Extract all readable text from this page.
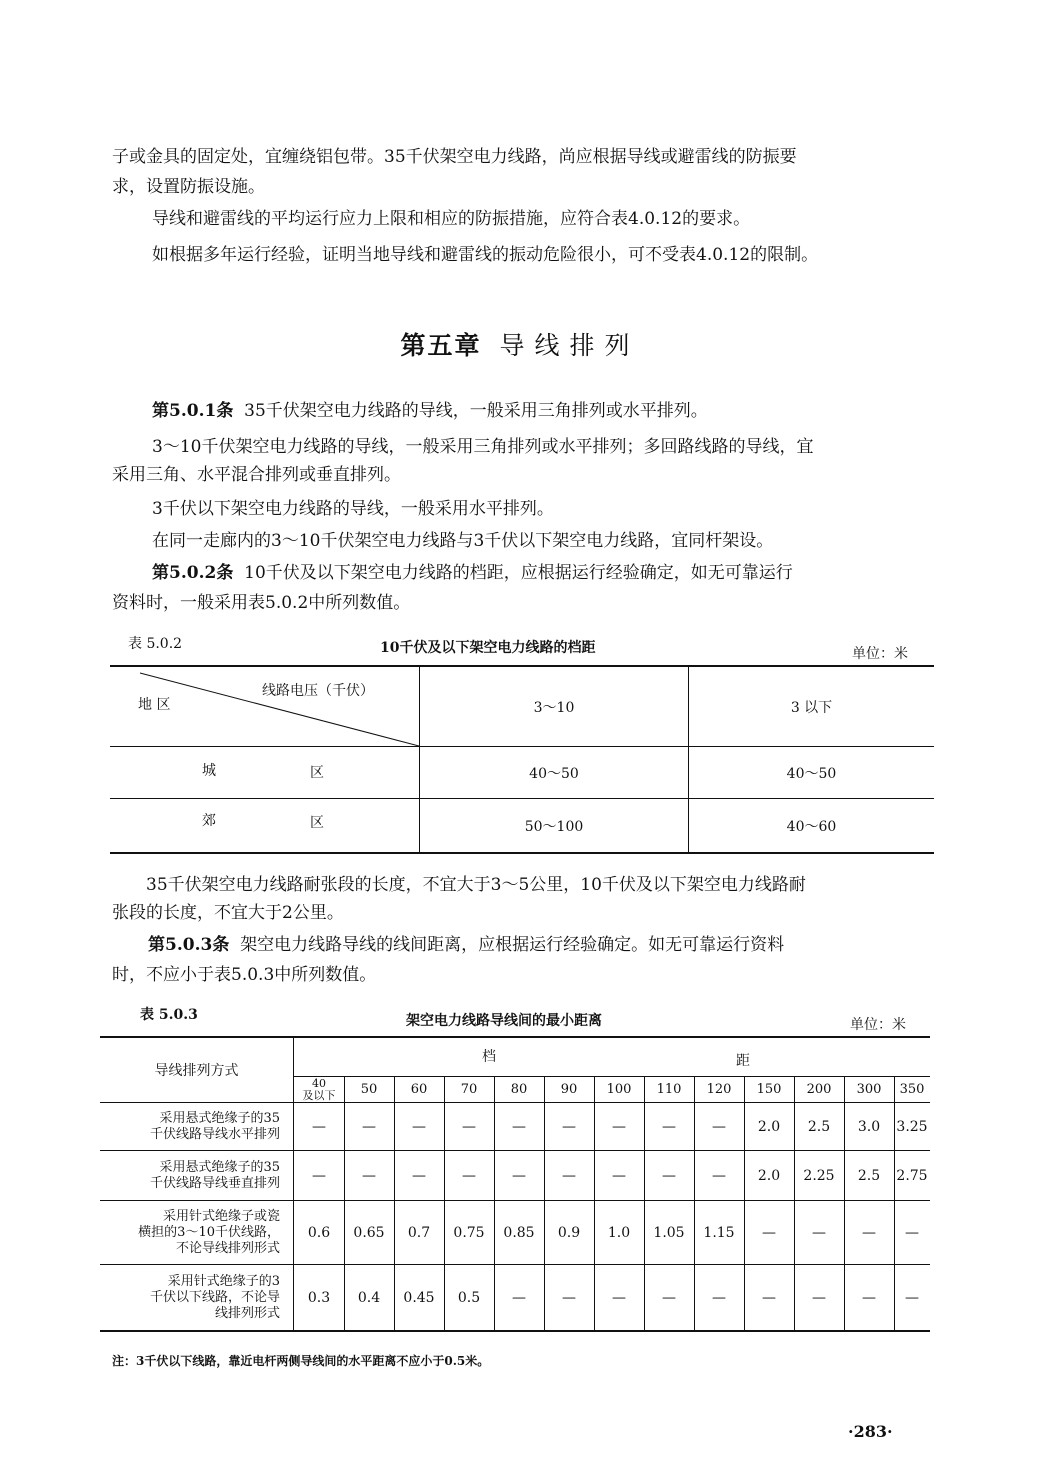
子或金具的固定处，宜缠绕铝包带。35千伏架空电力线路，尚应根据导线或避雷线的防振要
求，设置防振设施。
导线和避雷线的平均运行应力上限和相应的防振措施，应符合表4.0.12的要求。
如根据多年运行经验，证明当地导线和避雷线的振动危险很小，可不受表4.0.12的限制。
第五章 导线排列
第5.0.1条 35千伏架空电力线路的导线，一般采用三角排列或水平排列。
3～10千伏架空电力线路的导线，一般采用三角排列或水平排列；多回路线路的导线，宜
采用三角、水平混合排列或垂直排列。
3千伏以下架空电力线路的导线，一般采用水平排列。
在同一走廊内的3～10千伏架空电力线路与3千伏以下架空电力线路，宜同杆架设。
第5.0.2条 10千伏及以下架空电力线路的档距，应根据运行经验确定，如无可靠运行
资料时，一般采用表5.0.2中所列数值。
表 5.0.2	10千伏及以下架空电力线路的档距	单位：米
线路电压（千伏）
地 区	3～10	3 以下
城	区	40～50	40～50
郊	区	50～100	40～60
35千伏架空电力线路耐张段的长度，不宜大于3～5公里，10千伏及以下架空电力线路耐
张段的长度，不宜大于2公里。
第5.0.3条 架空电力线路导线的线间距离，应根据运行经验确定。如无可靠运行资料
时，不应小于表5.0.3中所列数值。
表 5.0.3	架空电力线路导线间的最小距离	单位：米
导线排列方式
档	距
40
及以下	50	60	70	80	90	100	110	120	150	200	300	350
采用悬式绝缘子的35
千伏线路导线水平排列	—	—	—	—	—	—	—	—	—	2.0	2.5	3.0	3.25
采用悬式绝缘子的35
千伏线路导线垂直排列	—	—	—	—	—	—	—	—	—	2.0	2.25	2.5	2.75
采用针式绝缘子或瓷
横担的3～10千伏线路，
不论导线排列形式
0.6	0.65	0.7	0.75	0.85	0.9	1.0	1.05	1.15	—	—	—	—
采用针式绝缘子的3
千伏以下线路，不论导
线排列形式
0.3	0.4	0.45	0.5	—	—	—	—	—	—	—	—	—
注：3千伏以下线路，靠近电杆两侧导线间的水平距离不应小于0.5米。
·283·
